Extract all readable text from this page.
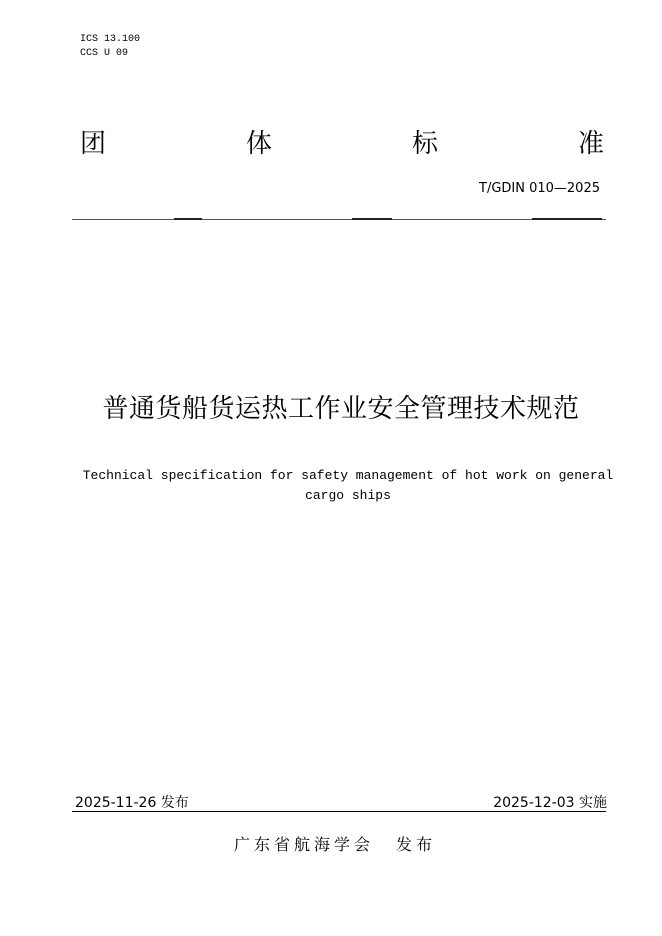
ICS 13.100
CCS U 09
团	体	标	准
T/GDIN 010—2025
普通货船货运热工作业安全管理技术规范
Technical specification for safety management of hot work on general cargo ships
2025-11-26 发布	2025-12-03 实施
广东省航海学会 发布
